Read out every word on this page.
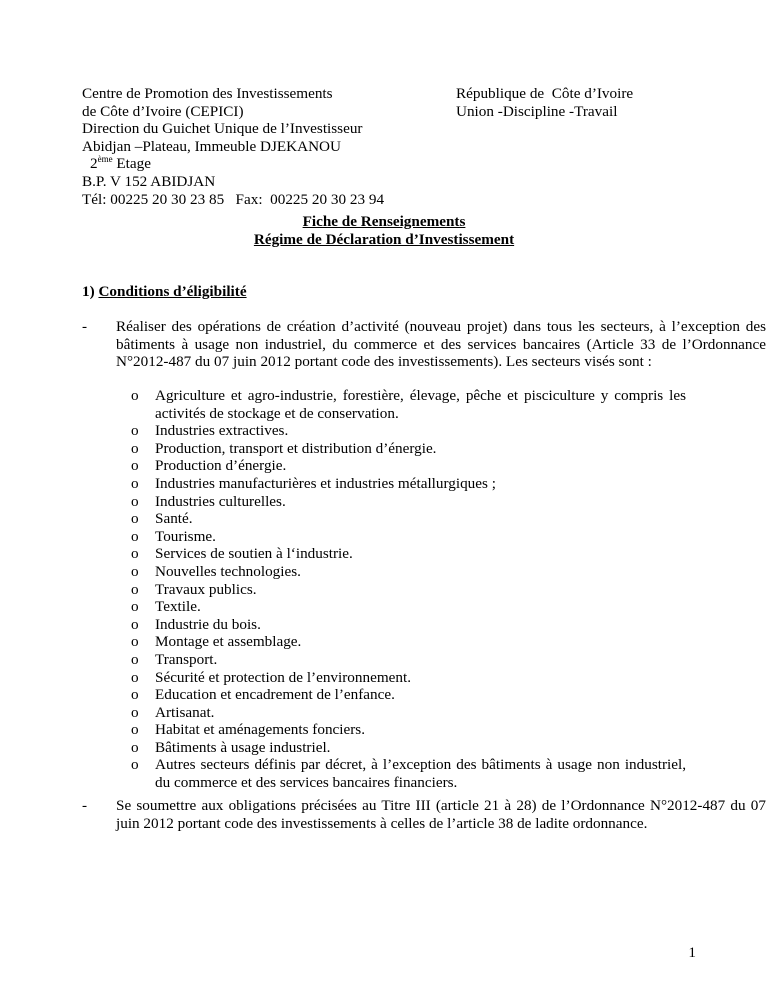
Centre de Promotion des Investissements
de Côte d’Ivoire (CEPICI)
Direction du Guichet Unique de l’Investisseur
Abidjan –Plateau, Immeuble DJEKANOU
2ème Etage
B.P. V 152 ABIDJAN
Tél: 00225 20 30 23 85   Fax:  00225 20 30 23 94
République de  Côte d’Ivoire
Union -Discipline -Travail
Fiche de Renseignements
Régime de Déclaration d’Investissement
1) Conditions d’éligibilité
- Réaliser des opérations de création d’activité (nouveau projet) dans tous les secteurs, à l’exception des bâtiments à usage non industriel, du commerce et des services bancaires (Article 33 de l’Ordonnance N°2012-487 du 07 juin 2012 portant code des investissements). Les secteurs visés sont :
o Agriculture et agro-industrie, forestière, élevage, pêche et pisciculture y compris les activités de stockage et de conservation.
o Industries extractives.
o Production, transport et distribution d’énergie.
o Production d’énergie.
o Industries manufacturières et industries métallurgiques ;
o Industries culturelles.
o Santé.
o Tourisme.
o Services de soutien à l‘industrie.
o Nouvelles technologies.
o Travaux publics.
o Textile.
o Industrie du bois.
o Montage et assemblage.
o Transport.
o Sécurité et protection de l’environnement.
o Education et encadrement de l’enfance.
o Artisanat.
o Habitat et aménagements fonciers.
o Bâtiments à usage industriel.
o Autres secteurs définis par décret, à l’exception des bâtiments à usage non industriel, du commerce et des services bancaires financiers.
- Se soumettre aux obligations précisées au Titre III (article 21 à 28) de l’Ordonnance N°2012-487 du 07 juin 2012 portant code des investissements à celles de l’article 38 de ladite ordonnance.
1
